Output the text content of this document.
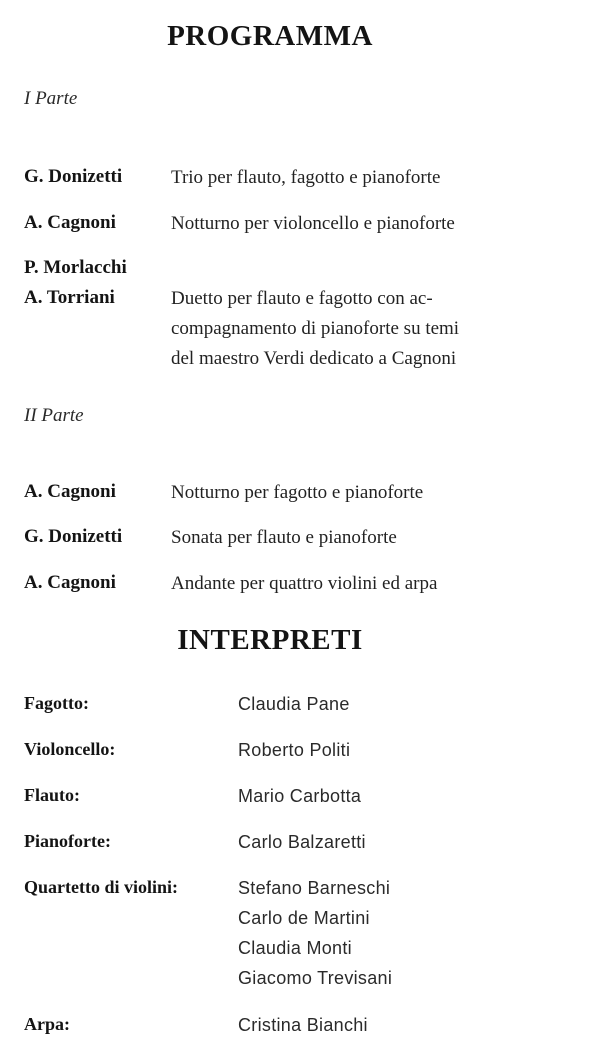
PROGRAMMA
I Parte
G. Donizetti	Trio per flauto, fagotto e pianoforte
A. Cagnoni	Notturno per violoncello e pianoforte
P. Morlacchi
A. Torriani	Duetto per flauto e fagotto con ac-
compagnamento di pianoforte su temi
del maestro Verdi dedicato a Cagnoni
II Parte
A. Cagnoni	Notturno per fagotto e pianoforte
G. Donizetti	Sonata per flauto e pianoforte
A. Cagnoni	Andante per quattro violini ed arpa
INTERPRETI
Fagotto:	Claudia Pane
Violoncello:	Roberto Politi
Flauto:	Mario Carbotta
Pianoforte:	Carlo Balzaretti
Quartetto di violini:	Stefano Barneschi
Carlo de Martini
Claudia Monti
Giacomo Trevisani
Arpa:	Cristina Bianchi
